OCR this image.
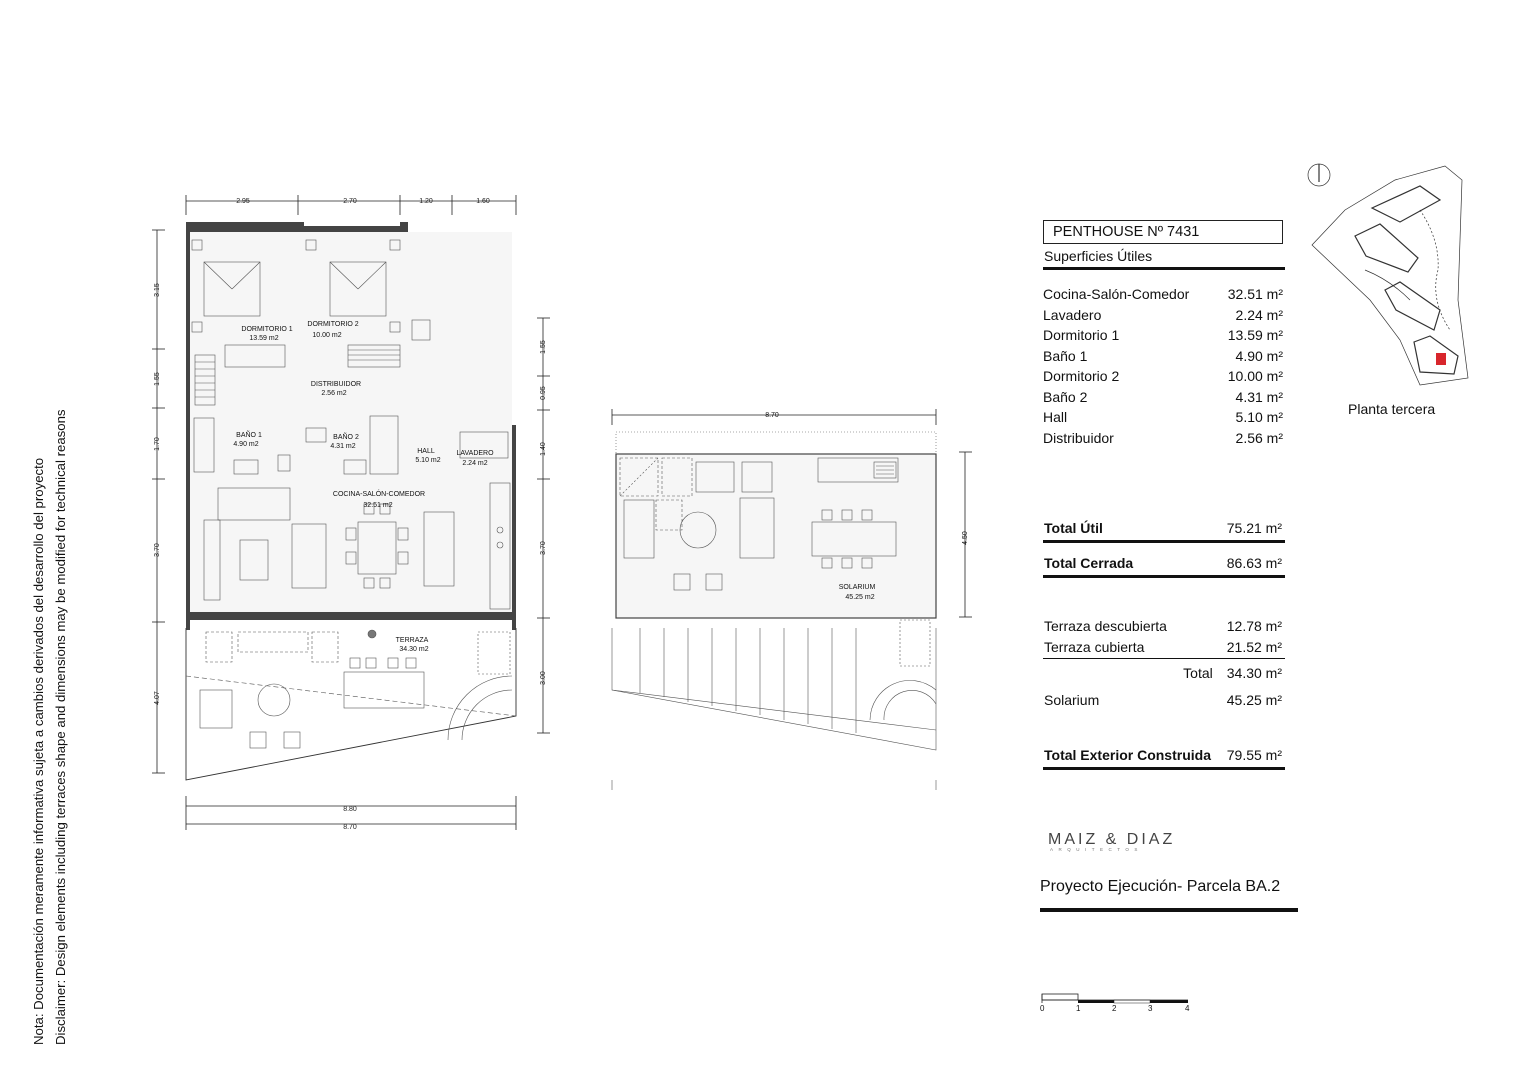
Nota: Documentación meramente informativa sujeta a cambios derivados del desarrollo del proyecto Disclaimer: Design elements including terraces shape and dimensions may be modified for technical reasons
2.95	2.70	1.20	1.60
8.80
8.70
3.15
1.55
1.70
3.70
4.07
1.55
0.95
1.40
3.70
3.00
DORMITORIO 1
13.59 m2
DORMITORIO 2
10.00 m2
DISTRIBUIDOR
2.56 m2
BAÑO 1
4.90 m2
BAÑO 2
4.31 m2
HALL
5.10 m2
LAVADERO
2.24 m2
COCINA-SALÓN-COMEDOR
32.51 m2
TERRAZA
34.30 m2
8.70
4.50
SOLARIUM
45.25 m2
PENTHOUSE Nº 7431
Superficies Útiles
Cocina-Salón-Comedor	32.51 m²
Lavadero	2.24 m²
Dormitorio 1	13.59 m²
Baño 1	4.90 m²
Dormitorio 2	10.00 m²
Baño 2	4.31 m²
Hall	5.10 m²
Distribuidor	2.56 m²
Total Útil	75.21 m²
Total Cerrada	86.63 m²
Terraza descubierta	12.78 m²
Terraza cubierta	21.52 m²
Total 34.30 m²
Solarium	45.25 m²
Total Exterior Construida 79.55 m²
Planta tercera
MAIZ & DIAZ
ARQUITECTOS
Proyecto Ejecución- Parcela BA.2
0	1	2	3	4
